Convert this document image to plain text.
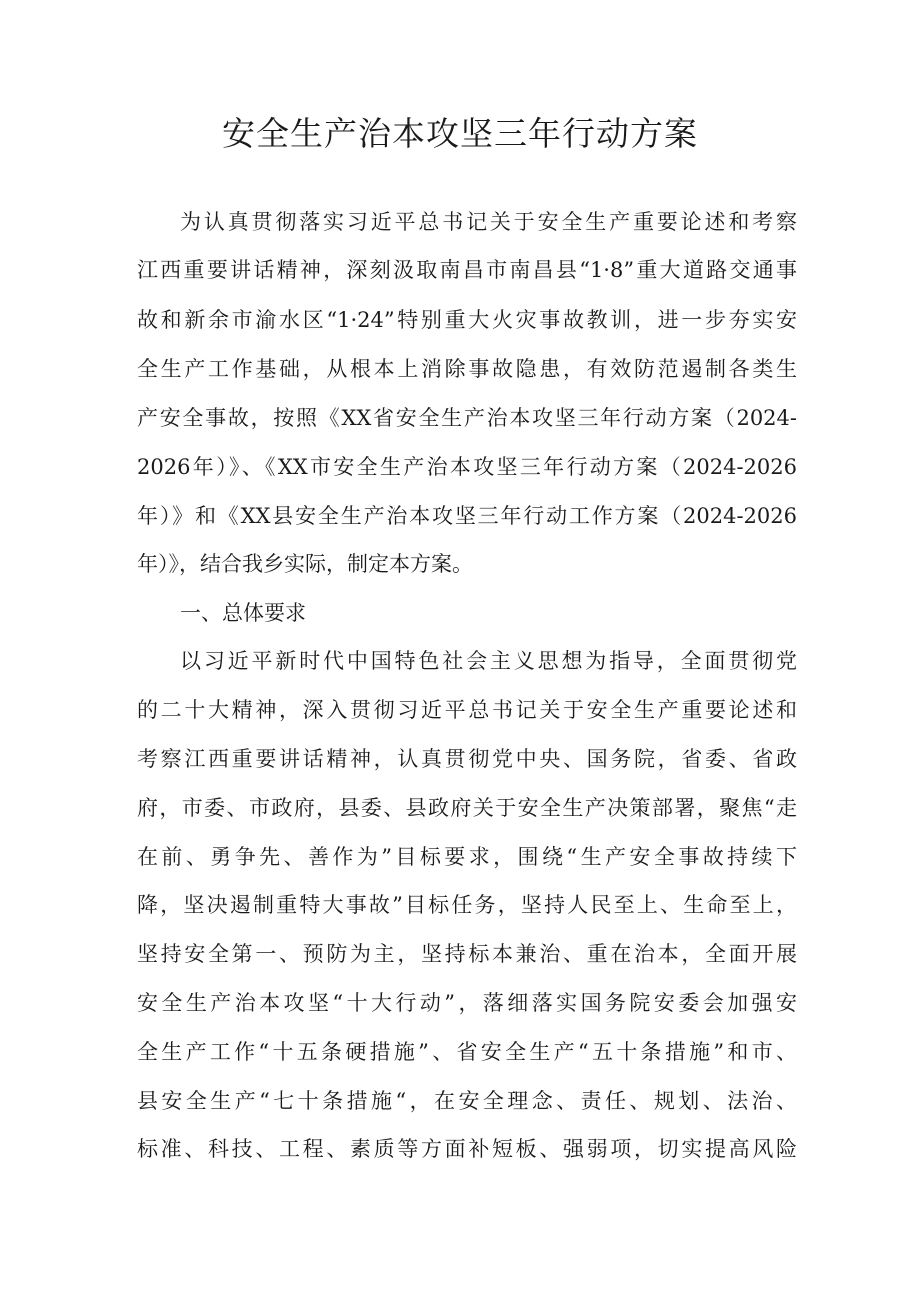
安全生产治本攻坚三年行动方案
为认真贯彻落实习近平总书记关于安全生产重要论述和考察
江西重要讲话精神，深刻汲取南昌市南昌县“1·8”重大道路交通事
故和新余市渝水区“1·24”特别重大火灾事故教训，进一步夯实安
全生产工作基础，从根本上消除事故隐患，有效防范遏制各类生
产安全事故，按照《XX省安全生产治本攻坚三年行动方案（2024-
2026年）》、《XX市安全生产治本攻坚三年行动方案（2024-2026
年）》和《XX县安全生产治本攻坚三年行动工作方案（2024-2026
年）》，结合我乡实际，制定本方案。
一、总体要求
以习近平新时代中国特色社会主义思想为指导，全面贯彻党
的二十大精神，深入贯彻习近平总书记关于安全生产重要论述和
考察江西重要讲话精神，认真贯彻党中央、国务院，省委、省政
府，市委、市政府，县委、县政府关于安全生产决策部署，聚焦“走
在前、勇争先、善作为”目标要求，围绕“生产安全事故持续下
降，坚决遏制重特大事故”目标任务，坚持人民至上、生命至上，
坚持安全第一、预防为主，坚持标本兼治、重在治本，全面开展
安全生产治本攻坚“十大行动”，落细落实国务院安委会加强安
全生产工作“十五条硬措施”、省安全生产“五十条措施”和市、
县安全生产“七十条措施“，在安全理念、责任、规划、法治、
标准、科技、工程、素质等方面补短板、强弱项，切实提高风险
